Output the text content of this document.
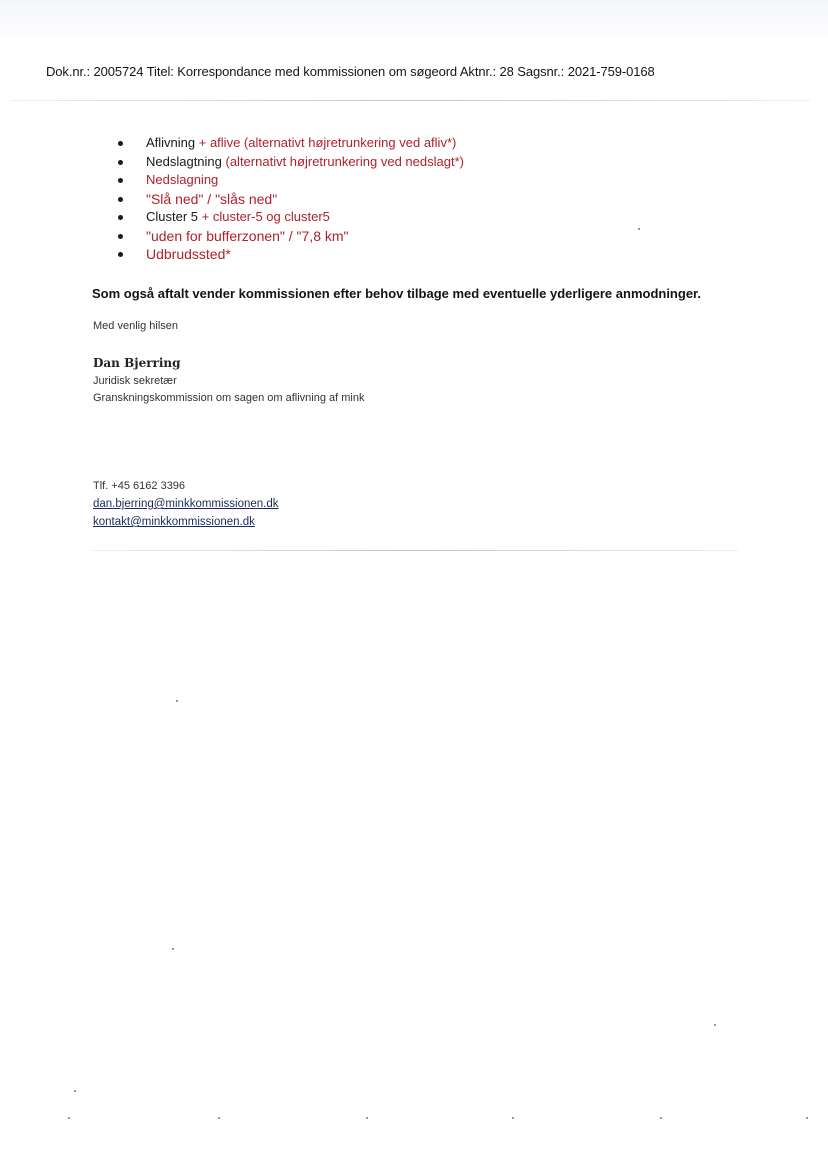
Dok.nr.: 2005724 Titel: Korrespondance med kommissionen om søgeord Aktnr.: 28 Sagsnr.: 2021-759-0168
Aflivning + aflive (alternativt højretrunkering ved afliv*)
Nedslagtning (alternativt højretrunkering ved nedslagt*)
Nedslagning
"Slå ned" / "slås ned"
Cluster 5 + cluster-5 og cluster5
"uden for bufferzonen" / "7,8 km"
Udbrudssted*
Som også aftalt vender kommissionen efter behov tilbage med eventuelle yderligere anmodninger.
Med venlig hilsen
Dan Bjerring
Juridisk sekretær
Granskningskommission om sagen om aflivning af mink
Tlf. +45 6162 3396
dan.bjerring@minkkommissionen.dk
kontakt@minkkommissionen.dk
